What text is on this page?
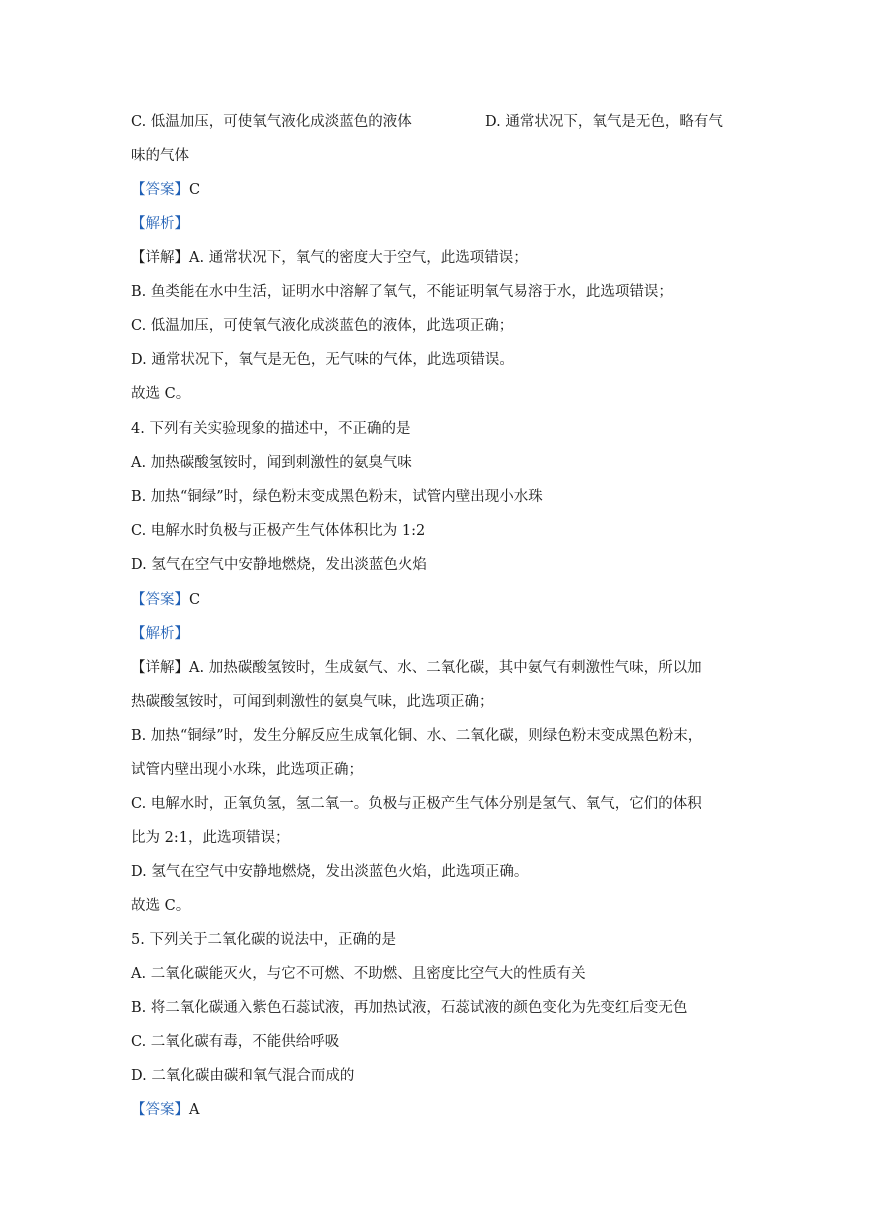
C. 低温加压，可使氧气液化成淡蓝色的液体	D. 通常状况下，氧气是无色，略有气
味的气体
【答案】C
【解析】
【详解】A. 通常状况下，氧气的密度大于空气，此选项错误；
B. 鱼类能在水中生活，证明水中溶解了氧气，不能证明氧气易溶于水，此选项错误；
C. 低温加压，可使氧气液化成淡蓝色的液体，此选项正确；
D. 通常状况下，氧气是无色，无气味的气体，此选项错误。
故选 C。
4. 下列有关实验现象的描述中，不正确的是
A. 加热碳酸氢铵时，闻到刺激性的氨臭气味
B. 加热“铜绿”时，绿色粉末变成黑色粉末，试管内壁出现小水珠
C. 电解水时负极与正极产生气体体积比为 1:2
D. 氢气在空气中安静地燃烧，发出淡蓝色火焰
【答案】C
【解析】
【详解】A. 加热碳酸氢铵时，生成氨气、水、二氧化碳，其中氨气有刺激性气味，所以加
热碳酸氢铵时，可闻到刺激性的氨臭气味，此选项正确；
B. 加热“铜绿”时，发生分解反应生成氧化铜、水、二氧化碳，则绿色粉末变成黑色粉末，
试管内壁出现小水珠，此选项正确；
C. 电解水时，正氧负氢，氢二氧一。负极与正极产生气体分别是氢气、氧气，它们的体积
比为 2:1，此选项错误；
D. 氢气在空气中安静地燃烧，发出淡蓝色火焰，此选项正确。
故选 C。
5. 下列关于二氧化碳的说法中，正确的是
A. 二氧化碳能灭火，与它不可燃、不助燃、且密度比空气大的性质有关
B. 将二氧化碳通入紫色石蕊试液，再加热试液，石蕊试液的颜色变化为先变红后变无色
C. 二氧化碳有毒，不能供给呼吸
D. 二氧化碳由碳和氧气混合而成的
【答案】A
